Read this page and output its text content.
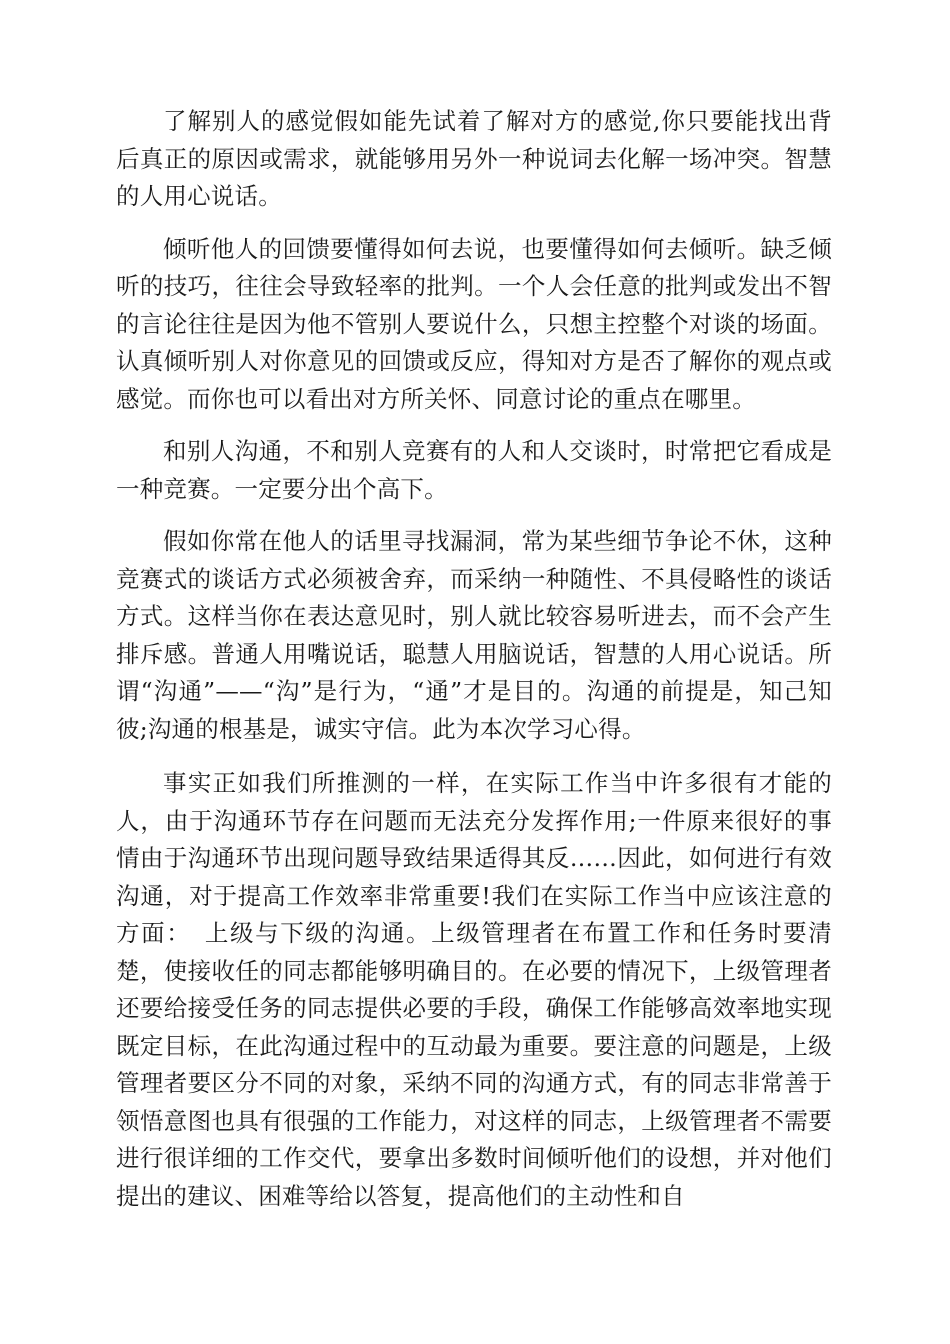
了解别人的感觉假如能先试着了解对方的感觉,你只要能找出背后真正的原因或需求，就能够用另外一种说词去化解一场冲突。智慧的人用心说话。

倾听他人的回馈要懂得如何去说，也要懂得如何去倾听。缺乏倾听的技巧，往往会导致轻率的批判。一个人会任意的批判或发出不智的言论往往是因为他不管别人要说什么，只想主控整个对谈的场面。认真倾听别人对你意见的回馈或反应，得知对方是否了解你的观点或感觉。而你也可以看出对方所关怀、同意讨论的重点在哪里。

和别人沟通，不和别人竞赛有的人和人交谈时，时常把它看成是一种竞赛。一定要分出个高下。

假如你常在他人的话里寻找漏洞，常为某些细节争论不休，这种竞赛式的谈话方式必须被舍弃，而采纳一种随性、不具侵略性的谈话方式。这样当你在表达意见时，别人就比较容易听进去，而不会产生排斥感。普通人用嘴说话，聪慧人用脑说话，智慧的人用心说话。所谓“沟通”——“沟”是行为，“通”才是目的。沟通的前提是，知己知彼;沟通的根基是，诚实守信。此为本次学习心得。

事实正如我们所推测的一样，在实际工作当中许多很有才能的人，由于沟通环节存在问题而无法充分发挥作用;一件原来很好的事情由于沟通环节出现问题导致结果适得其反……因此，如何进行有效沟通，对于提高工作效率非常重要!我们在实际工作当中应该注意的方面：　上级与下级的沟通。上级管理者在布置工作和任务时要清楚，使接收任的同志都能够明确目的。在必要的情况下，上级管理者还要给接受任务的同志提供必要的手段，确保工作能够高效率地实现既定目标，在此沟通过程中的互动最为重要。要注意的问题是，上级管理者要区分不同的对象，采纳不同的沟通方式，有的同志非常善于领悟意图也具有很强的工作能力，对这样的同志，上级管理者不需要进行很详细的工作交代，要拿出多数时间倾听他们的设想，并对他们提出的建议、困难等给以答复，提高他们的主动性和自
